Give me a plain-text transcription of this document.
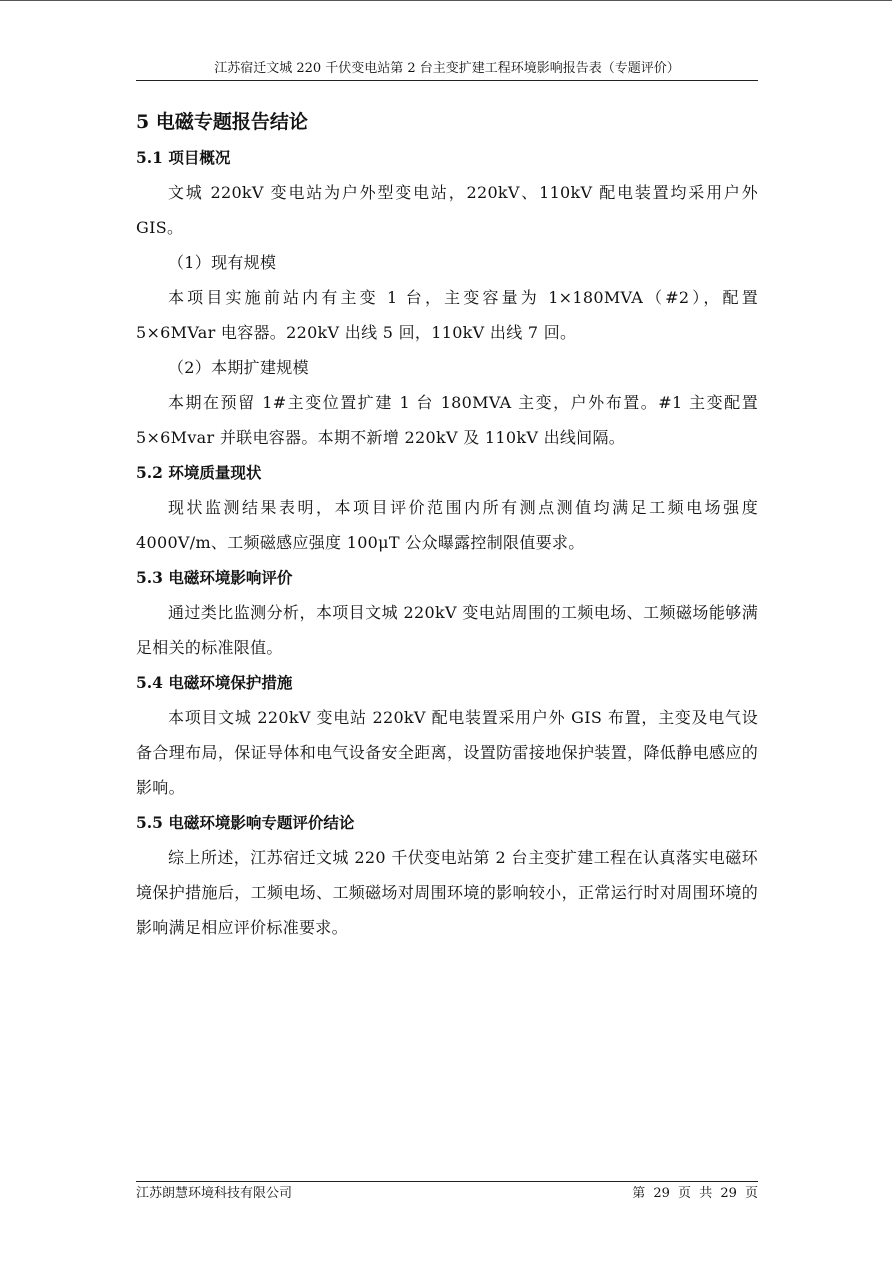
江苏宿迁文城 220 千伏变电站第 2 台主变扩建工程环境影响报告表（专题评价）
5 电磁专题报告结论
5.1 项目概况

文城 220kV 变电站为户外型变电站，220kV、110kV 配电装置均采用户外 GIS。

（1）现有规模

本项目实施前站内有主变 1 台，主变容量为 1×180MVA（#2），配置 5×6MVar 电容器。220kV 出线 5 回，110kV 出线 7 回。

（2）本期扩建规模

本期在预留 1#主变位置扩建 1 台 180MVA 主变，户外布置。#1 主变配置 5×6Mvar 并联电容器。本期不新增 220kV 及 110kV 出线间隔。

5.2 环境质量现状

现状监测结果表明，本项目评价范围内所有测点测值均满足工频电场强度 4000V/m、工频磁感应强度 100μT 公众曝露控制限值要求。

5.3 电磁环境影响评价

通过类比监测分析，本项目文城 220kV 变电站周围的工频电场、工频磁场能够满足相关的标准限值。

5.4 电磁环境保护措施

本项目文城 220kV 变电站 220kV 配电装置采用户外 GIS 布置，主变及电气设备合理布局，保证导体和电气设备安全距离，设置防雷接地保护装置，降低静电感应的影响。

5.5 电磁环境影响专题评价结论

综上所述，江苏宿迁文城 220 千伏变电站第 2 台主变扩建工程在认真落实电磁环境保护措施后，工频电场、工频磁场对周围环境的影响较小，正常运行时对周围环境的影响满足相应评价标准要求。

江苏朗慧环境科技有限公司	第 29 页 共 29 页
